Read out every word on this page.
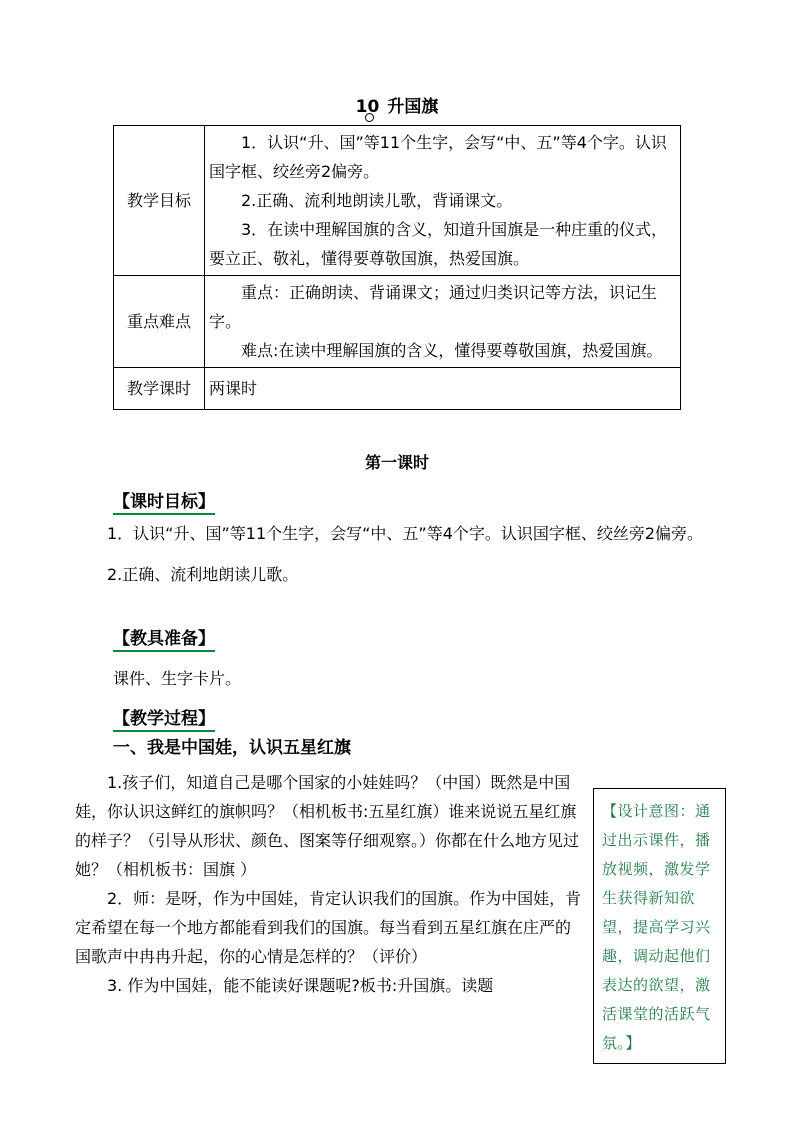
10 升国旗
教学目标	1．认识“升、国”等11个生字，会写“中、五”等4个字。认识国字框、绞丝旁2偏旁。

2.正确、流利地朗读儿歌，背诵课文。

3．在读中理解国旗的含义，知道升国旗是一种庄重的仪式，要立正、敬礼，懂得要尊敬国旗，热爱国旗。

重点难点	重点：正确朗读、背诵课文；通过归类识记等方法，识记生字。

难点:在读中理解国旗的含义，懂得要尊敬国旗，热爱国旗。

教学课时	两课时
第一课时
【课时目标】

1．认识“升、国”等11个生字，会写“中、五”等4个字。认识国字框、绞丝旁2偏旁。

2.正确、流利地朗读儿歌。

【教具准备】

课件、生字卡片。

【教学过程】
一、我是中国娃，认识五星红旗

1.孩子们，知道自己是哪个国家的小娃娃吗？（中国）既然是中国娃，你认识这鲜红的旗帜吗？（相机板书:五星红旗）谁来说说五星红旗的样子？（引导从形状、颜色、图案等仔细观察。）你都在什么地方见过她？（相机板书：国旗 ）

2．师：是呀，作为中国娃，肯定认识我们的国旗。作为中国娃，肯定希望在每一个地方都能看到我们的国旗。每当看到五星红旗在庄严的国歌声中冉冉升起，你的心情是怎样的？（评价）

3. 作为中国娃，能不能读好课题呢?板书:升国旗。读题

【设计意图：通过出示课件，播放视频，激发学生获得新知欲望，提高学习兴趣，调动起他们表达的欲望，激活课堂的活跃气氛。】
